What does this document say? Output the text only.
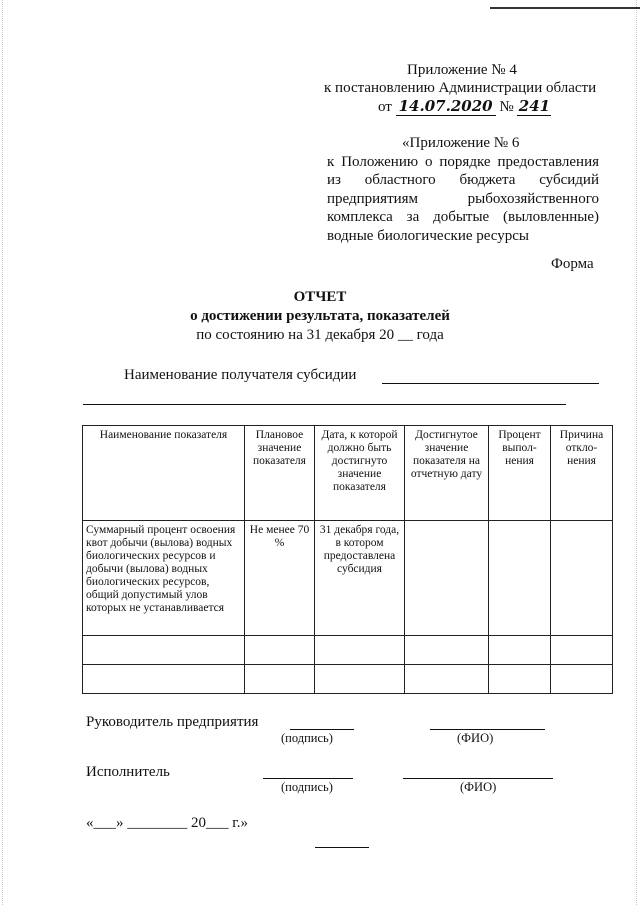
Приложение № 4
к постановлению Администрации области
от 14.07.2020 № 241
«Приложение № 6
к Положению о порядке предоставления
из областного бюджета субсидий
предприятиям рыбохозяйственного
комплекса за добытые (выловленные)
водные биологические ресурсы
Форма
ОТЧЕТ
о достижении результата, показателей
по состоянию на 31 декабря 20 __ года
Наименование получателя субсидии
Наименование показателя	Плановое значение показателя	Дата, к которой должно быть достигнуто значение показателя	Достигнутое значение показателя на отчетную дату	Процент выпол-нения	Причина откло-нения
Суммарный процент освоения квот добычи (вылова) водных биологических ресурсов и добычи (вылова) водных биологических ресурсов, общий допустимый улов которых не устанавливается	Не менее 70 %	31 декабря года, в котором предоставлена субсидия			

Руководитель предприятия
(подпись)	(ФИО)
Исполнитель
(подпись)	(ФИО)
«___» ________ 20___ г.»
